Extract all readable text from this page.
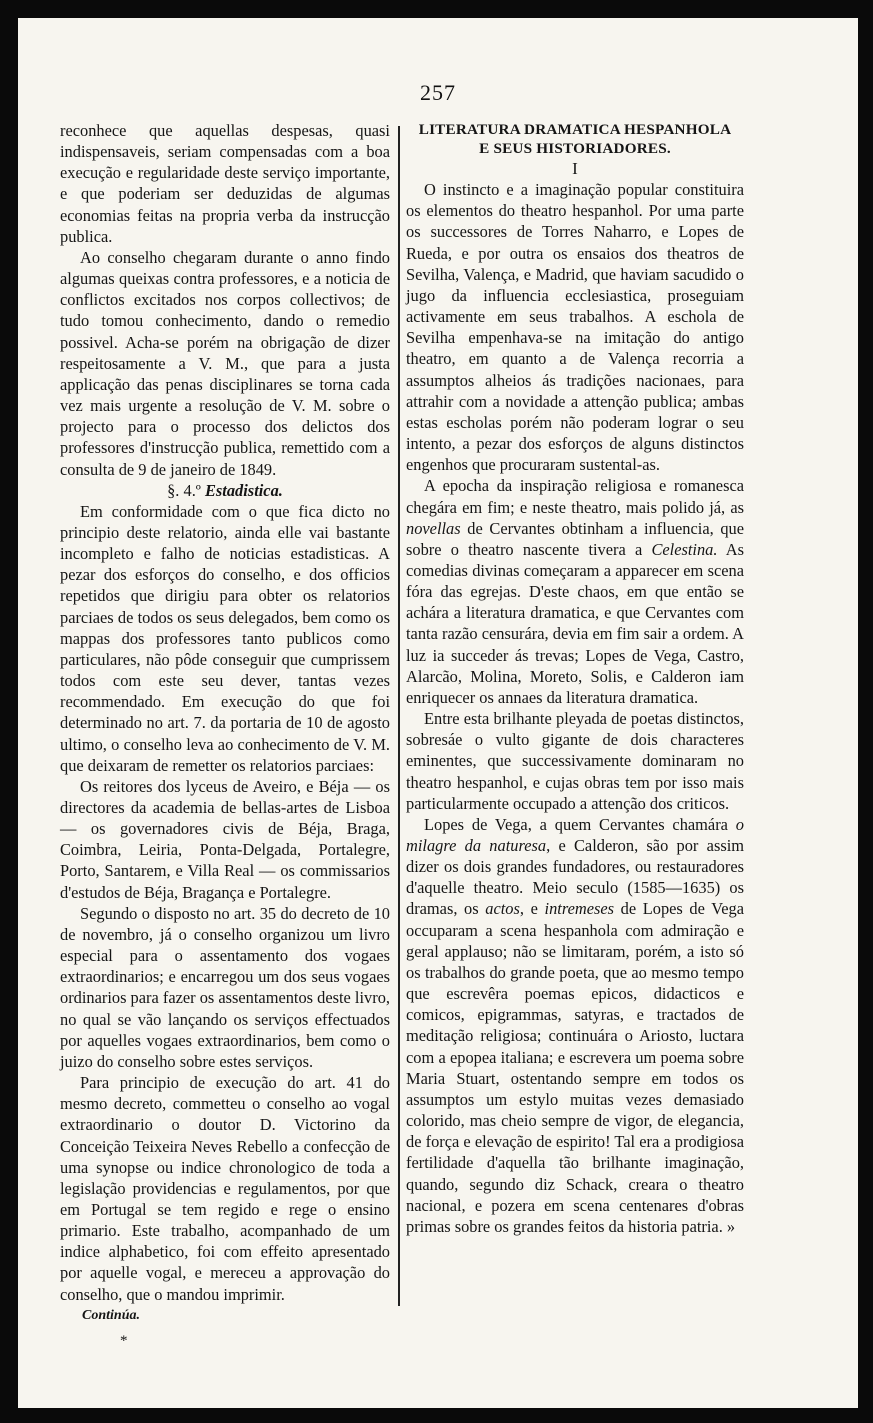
257

reconhece que aquellas despesas, quasi indispensaveis, seriam compensadas com a boa execução e regularidade deste serviço importante, e que poderiam ser deduzidas de algumas economias feitas na propria verba da instrucção publica.

Ao conselho chegaram durante o anno findo algumas queixas contra professores, e a noticia de conflictos excitados nos corpos collectivos; de tudo tomou conhecimento, dando o remedio possivel. Acha-se porém na obrigação de dizer respeitosamente a V. M., que para a justa applicação das penas disciplinares se torna cada vez mais urgente a resolução de V. M. sobre o projecto para o processo dos delictos dos professores d'instrucção publica, remettido com a consulta de 9 de janeiro de 1849.

§. 4.º Estadistica.

Em conformidade com o que fica dicto no principio deste relatorio, ainda elle vai bastante incompleto e falho de noticias estadisticas. A pezar dos esforços do conselho, e dos officios repetidos que dirigiu para obter os relatorios parciaes de todos os seus delegados, bem como os mappas dos professores tanto publicos como particulares, não pôde conseguir que cumprissem todos com este seu dever, tantas vezes recommendado. Em execução do que foi determinado no art. 7. da portaria de 10 de agosto ultimo, o conselho leva ao conhecimento de V. M. que deixaram de remetter os relatorios parciaes:

Os reitores dos lyceus de Aveiro, e Béja — os directores da academia de bellas-artes de Lisboa — os governadores civis de Béja, Braga, Coimbra, Leiria, Ponta-Delgada, Portalegre, Porto, Santarem, e Villa Real — os commissarios d'estudos de Béja, Bragança e Portalegre.

Segundo o disposto no art. 35 do decreto de 10 de novembro, já o conselho organizou um livro especial para o assentamento dos vogaes extraordinarios; e encarregou um dos seus vogaes ordinarios para fazer os assentamentos deste livro, no qual se vão lançando os serviços effectuados por aquelles vogaes extraordinarios, bem como o juizo do conselho sobre estes serviços.

Para principio de execução do art. 41 do mesmo decreto, commetteu o conselho ao vogal extraordinario o doutor D. Victorino da Conceição Teixeira Neves Rebello a confecção de uma synopse ou indice chronologico de toda a legislação providencias e regulamentos, por que em Portugal se tem regido e rege o ensino primario. Este trabalho, acompanhado de um indice alphabetico, foi com effeito apresentado por aquelle vogal, e mereceu a approvação do conselho, que o mandou imprimir.

Continúa.

*

LITERATURA DRAMATICA HESPANHOLA
E SEUS HISTORIADORES.

I

O instincto e a imaginação popular constituira os elementos do theatro hespanhol. Por uma parte os successores de Torres Naharro, e Lopes de Rueda, e por outra os ensaios dos theatros de Sevilha, Valença, e Madrid, que haviam sacudido o jugo da influencia ecclesiastica, proseguiam activamente em seus trabalhos. A eschola de Sevilha empenhava-se na imitação do antigo theatro, em quanto a de Valença recorria a assumptos alheios ás tradições nacionaes, para attrahir com a novidade a attenção publica; ambas estas escholas porém não poderam lograr o seu intento, a pezar dos esforços de alguns distinctos engenhos que procuraram sustental-as.

A epocha da inspiração religiosa e romanesca chegára em fim; e neste theatro, mais polido já, as novellas de Cervantes obtinham a influencia, que sobre o theatro nascente tivera a Celestina. As comedias divinas começaram a apparecer em scena fóra das egrejas. D'este chaos, em que então se achára a literatura dramatica, e que Cervantes com tanta razão censurára, devia em fim sair a ordem. A luz ia succeder ás trevas; Lopes de Vega, Castro, Alarcão, Molina, Moreto, Solis, e Calderon iam enriquecer os annaes da literatura dramatica.

Entre esta brilhante pleyada de poetas distinctos, sobresáe o vulto gigante de dois characteres eminentes, que successivamente dominaram no theatro hespanhol, e cujas obras tem por isso mais particularmente occupado a attenção dos criticos.

Lopes de Vega, a quem Cervantes chamára o milagre da naturesa, e Calderon, são por assim dizer os dois grandes fundadores, ou restauradores d'aquelle theatro. Meio seculo (1585—1635) os dramas, os actos, e intremeses de Lopes de Vega occuparam a scena hespanhola com admiração e geral applauso; não se limitaram, porém, a isto só os trabalhos do grande poeta, que ao mesmo tempo que escrevêra poemas epicos, didacticos e comicos, epigrammas, satyras, e tractados de meditação religiosa; continuára o Ariosto, luctara com a epopea italiana; e escrevera um poema sobre Maria Stuart, ostentando sempre em todos os assumptos um estylo muitas vezes demasiado colorido, mas cheio sempre de vigor, de elegancia, de força e elevação de espirito! Tal era a prodigiosa fertilidade d'aquella tão brilhante imaginação, quando, segundo diz Schack, creara o theatro nacional, e pozera em scena centenares d'obras primas sobre os grandes feitos da historia patria. »
